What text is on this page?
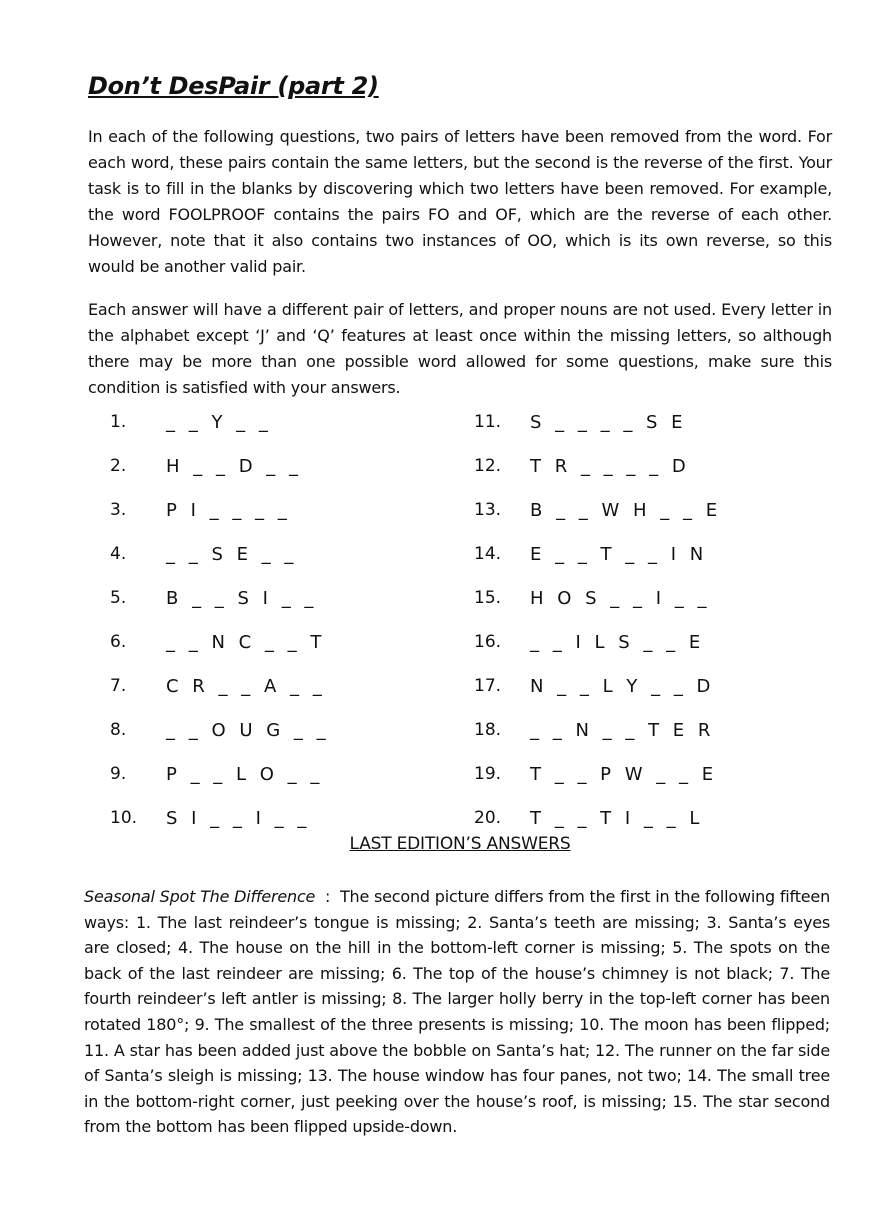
Don’t DesPair (part 2)

In each of the following questions, two pairs of letters have been removed from the word. For each word, these pairs contain the same letters, but the second is the reverse of the first. Your task is to fill in the blanks by discovering which two letters have been removed. For example, the word FOOLPROOF contains the pairs FO and OF, which are the reverse of each other. However, note that it also contains two instances of OO, which is its own reverse, so this would be another valid pair.

Each answer will have a different pair of letters, and proper nouns are not used. Every letter in the alphabet except ‘J’ and ‘Q’ features at least once within the missing letters, so although there may be more than one possible word allowed for some questions, make sure this condition is satisfied with your answers.

1.	_ _ Y _ _
2.	H _ _ D _ _
3.	P I _ _ _ _
4.	_ _ S E _ _
5.	B _ _ S I _ _
6.	_ _ N C _ _ T
7.	C R _ _ A _ _
8.	_ _ O U G _ _
9.	P _ _ L O _ _
10.	S I _ _ I _ _
11.	S _ _ _ _ S E
12.	T R _ _ _ _ D
13.	B _ _ W H _ _ E
14.	E _ _ T _ _ I N
15.	H O S _ _ I _ _
16.	_ _ I L S _ _ E
17.	N _ _ L Y _ _ D
18.	_ _ N _ _ T E R
19.	T _ _ P W _ _ E
20.	T _ _ T I _ _ L
LAST EDITION’S ANSWERS

Seasonal Spot The Difference  :  The second picture differs from the first in the following fifteen ways: 1. The last reindeer’s tongue is missing; 2. Santa’s teeth are missing; 3. Santa’s eyes are closed; 4. The house on the hill in the bottom-left corner is missing; 5. The spots on the back of the last reindeer are missing; 6. The top of the house’s chimney is not black; 7. The fourth reindeer’s left antler is missing; 8. The larger holly berry in the top-left corner has been rotated 180°; 9. The smallest of the three presents is missing; 10. The moon has been flipped; 11. A star has been added just above the bobble on Santa’s hat; 12. The runner on the far side of Santa’s sleigh is missing; 13. The house window has four panes, not two; 14. The small tree in the bottom-right corner, just peeking over the house’s roof, is missing; 15. The star second from the bottom has been flipped upside-down.
